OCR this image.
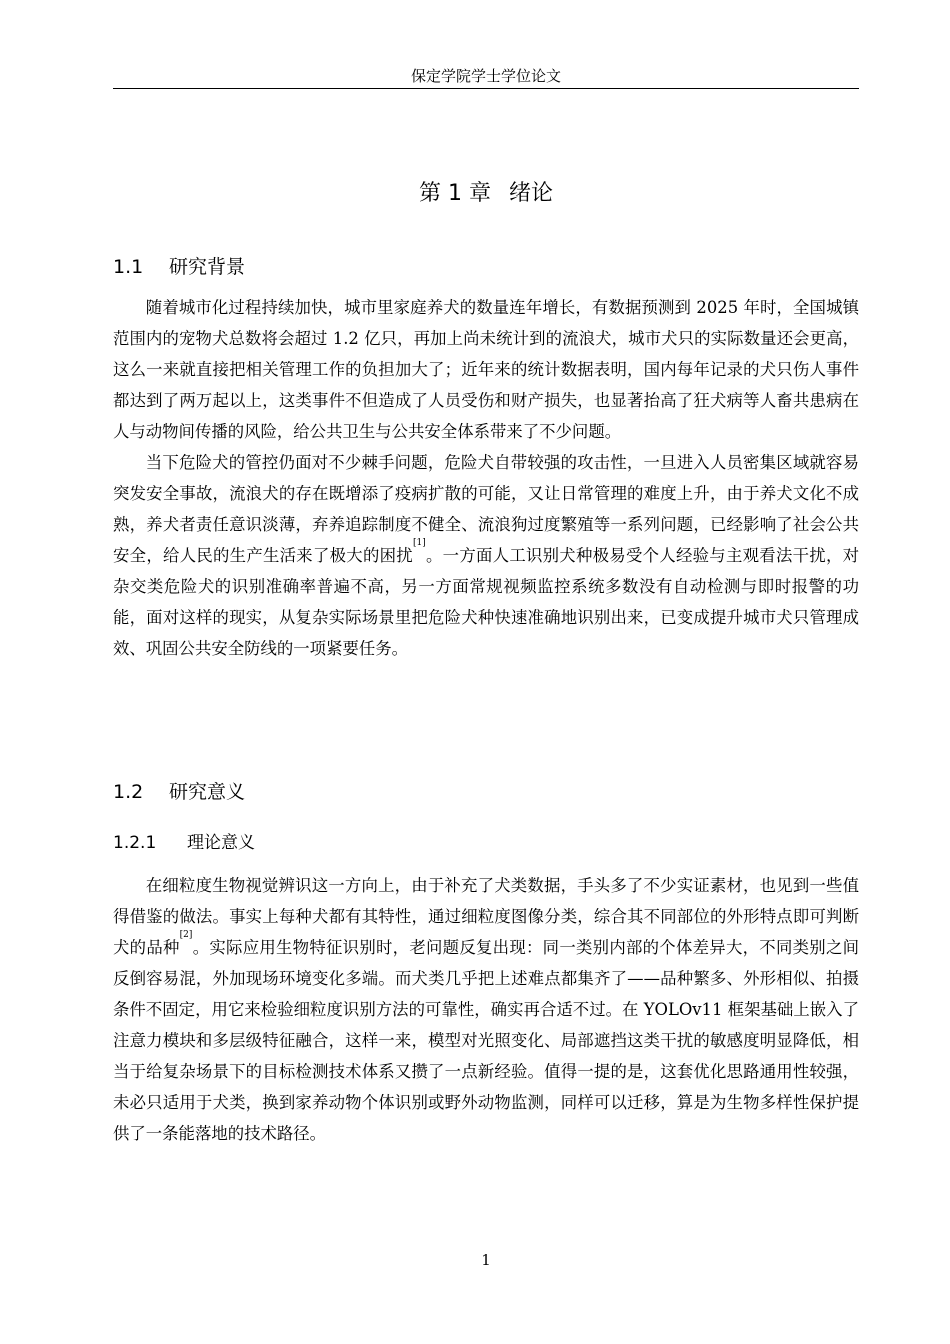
保定学院学士学位论文
第 1 章 绪论
1.1 研究背景

随着城市化过程持续加快，城市里家庭养犬的数量连年增长，有数据预测到 2025 年时，全国城镇范围内的宠物犬总数将会超过 1.2 亿只，再加上尚未统计到的流浪犬，城市犬只的实际数量还会更高，这么一来就直接把相关管理工作的负担加大了；近年来的统计数据表明，国内每年记录的犬只伤人事件都达到了两万起以上，这类事件不但造成了人员受伤和财产损失，也显著抬高了狂犬病等人畜共患病在人与动物间传播的风险，给公共卫生与公共安全体系带来了不少问题。

当下危险犬的管控仍面对不少棘手问题，危险犬自带较强的攻击性，一旦进入人员密集区域就容易突发安全事故，流浪犬的存在既增添了疫病扩散的可能，又让日常管理的难度上升，由于养犬文化不成熟，养犬者责任意识淡薄，弃养追踪制度不健全、流浪狗过度繁殖等一系列问题，已经影响了社会公共安全，给人民的生产生活来了极大的困扰[1]。一方面人工识别犬种极易受个人经验与主观看法干扰，对杂交类危险犬的识别准确率普遍不高，另一方面常规视频监控系统多数没有自动检测与即时报警的功能，面对这样的现实，从复杂实际场景里把危险犬种快速准确地识别出来，已变成提升城市犬只管理成效、巩固公共安全防线的一项紧要任务。

1.2 研究意义
1.2.1 理论意义

在细粒度生物视觉辨识这一方向上，由于补充了犬类数据，手头多了不少实证素材，也见到一些值得借鉴的做法。事实上每种犬都有其特性，通过细粒度图像分类，综合其不同部位的外形特点即可判断犬的品种[2]。实际应用生物特征识别时，老问题反复出现：同一类别内部的个体差异大，不同类别之间反倒容易混，外加现场环境变化多端。而犬类几乎把上述难点都集齐了——品种繁多、外形相似、拍摄条件不固定，用它来检验细粒度识别方法的可靠性，确实再合适不过。在 YOLOv11 框架基础上嵌入了注意力模块和多层级特征融合，这样一来，模型对光照变化、局部遮挡这类干扰的敏感度明显降低，相当于给复杂场景下的目标检测技术体系又攒了一点新经验。值得一提的是，这套优化思路通用性较强，未必只适用于犬类，换到家养动物个体识别或野外动物监测，同样可以迁移，算是为生物多样性保护提供了一条能落地的技术路径。

1
